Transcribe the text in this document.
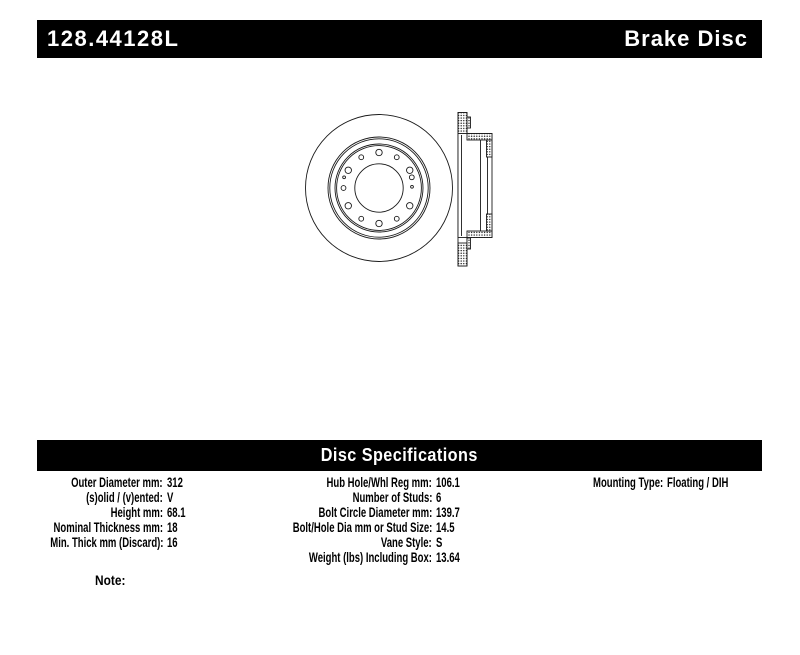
128.44128L	Brake Disc
Disc Specifications
Outer Diameter mm: 312	Hub Hole/Whl Reg mm: 106.1	Mounting Type: Floating / DIH
(s)olid / (v)ented: V	Number of Studs: 6
Height mm: 68.1	Bolt Circle Diameter mm: 139.7
Nominal Thickness mm: 18	Bolt/Hole Dia mm or Stud Size: 14.5
Min. Thick mm (Discard): 16	Vane Style: S
Weight (lbs) Including Box: 13.64
Note:
